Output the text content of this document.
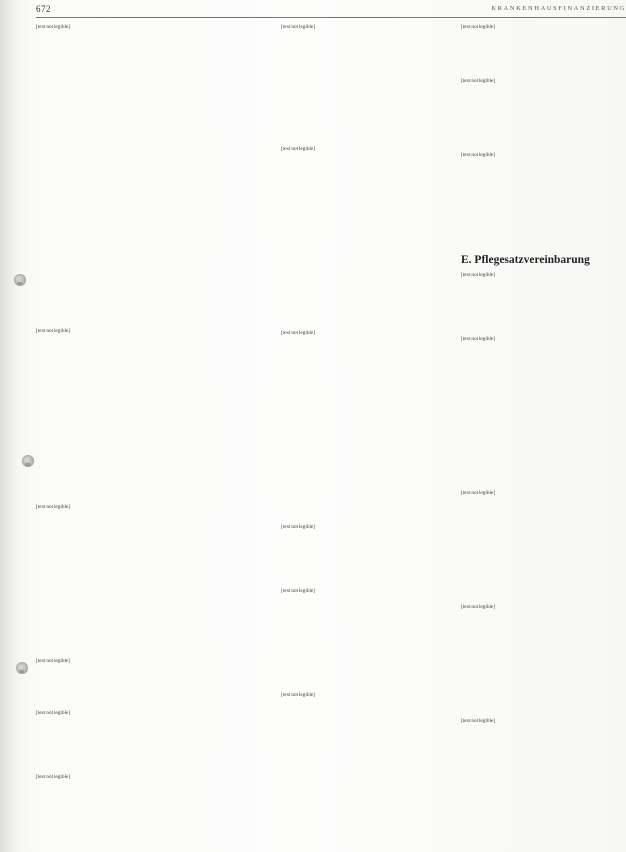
672	KRANKENHAUSFINANZIERUNG

[text not legible]

[text not legible]

[text not legible]

[text not legible]

[text not legible]

[text not legible]

[text not legible]

[text not legible]

[text not legible]

[text not legible]

[text not legible]

[text not legible]

[text not legible]

[text not legible]

[text not legible]

[text not legible]

[text not legible]

[text not legible]

[text not legible]

[text not legible]

E. Pflegesatzvereinbarung
